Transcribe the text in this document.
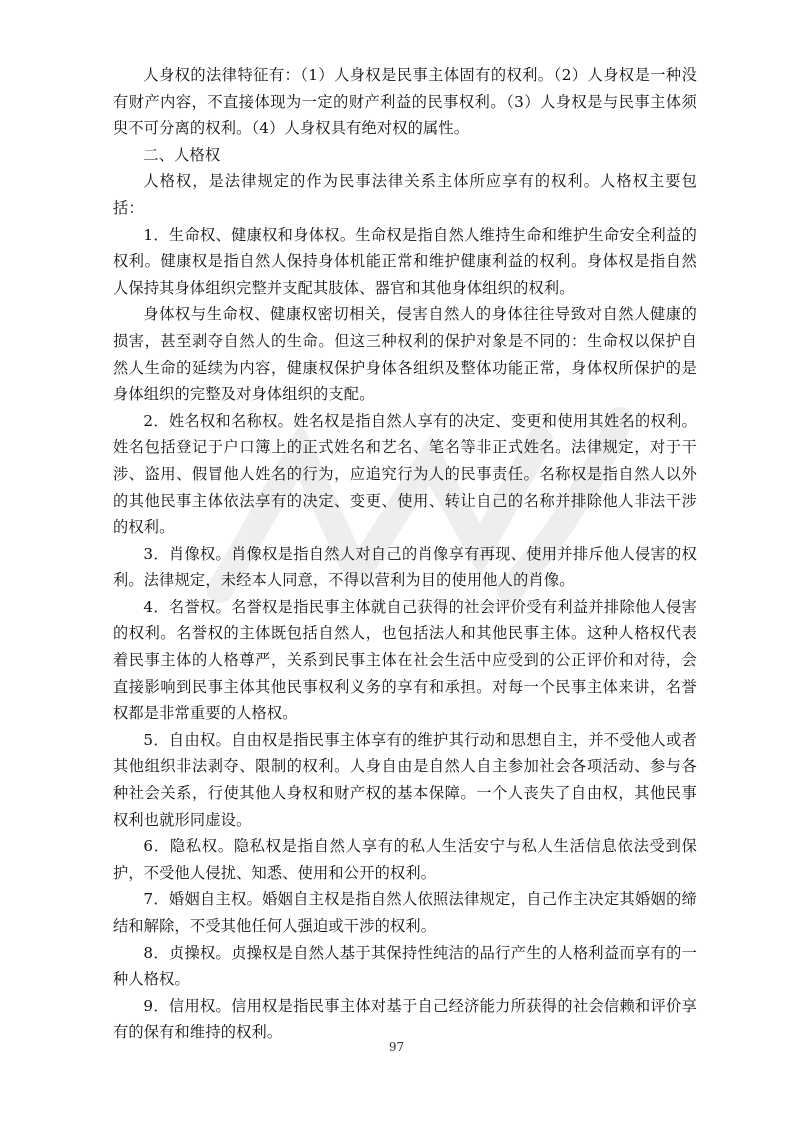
人身权的法律特征有：（1）人身权是民事主体固有的权利。（2）人身权是一种没有财产内容，不直接体现为一定的财产利益的民事权利。（3）人身权是与民事主体须臾不可分离的权利。（4）人身权具有绝对权的属性。

二、人格权

人格权，是法律规定的作为民事法律关系主体所应享有的权利。人格权主要包括：

1．生命权、健康权和身体权。生命权是指自然人维持生命和维护生命安全利益的权利。健康权是指自然人保持身体机能正常和维护健康利益的权利。身体权是指自然人保持其身体组织完整并支配其肢体、器官和其他身体组织的权利。

身体权与生命权、健康权密切相关，侵害自然人的身体往往导致对自然人健康的损害，甚至剥夺自然人的生命。但这三种权利的保护对象是不同的：生命权以保护自然人生命的延续为内容，健康权保护身体各组织及整体功能正常，身体权所保护的是身体组织的完整及对身体组织的支配。

2．姓名权和名称权。姓名权是指自然人享有的决定、变更和使用其姓名的权利。姓名包括登记于户口簿上的正式姓名和艺名、笔名等非正式姓名。法律规定，对于干涉、盗用、假冒他人姓名的行为，应追究行为人的民事责任。名称权是指自然人以外的其他民事主体依法享有的决定、变更、使用、转让自己的名称并排除他人非法干涉的权利。

3．肖像权。肖像权是指自然人对自己的肖像享有再现、使用并排斥他人侵害的权利。法律规定，未经本人同意，不得以营利为目的使用他人的肖像。

4．名誉权。名誉权是指民事主体就自己获得的社会评价受有利益并排除他人侵害的权利。名誉权的主体既包括自然人，也包括法人和其他民事主体。这种人格权代表着民事主体的人格尊严，关系到民事主体在社会生活中应受到的公正评价和对待，会直接影响到民事主体其他民事权利义务的享有和承担。对每一个民事主体来讲，名誉权都是非常重要的人格权。

5．自由权。自由权是指民事主体享有的维护其行动和思想自主，并不受他人或者其他组织非法剥夺、限制的权利。人身自由是自然人自主参加社会各项活动、参与各种社会关系，行使其他人身权和财产权的基本保障。一个人丧失了自由权，其他民事权利也就形同虚设。

6．隐私权。隐私权是指自然人享有的私人生活安宁与私人生活信息依法受到保护，不受他人侵扰、知悉、使用和公开的权利。

7．婚姻自主权。婚姻自主权是指自然人依照法律规定，自己作主决定其婚姻的缔结和解除，不受其他任何人强迫或干涉的权利。

8．贞操权。贞操权是自然人基于其保持性纯洁的品行产生的人格利益而享有的一种人格权。

9．信用权。信用权是指民事主体对基于自己经济能力所获得的社会信赖和评价享有的保有和维持的权利。

97
